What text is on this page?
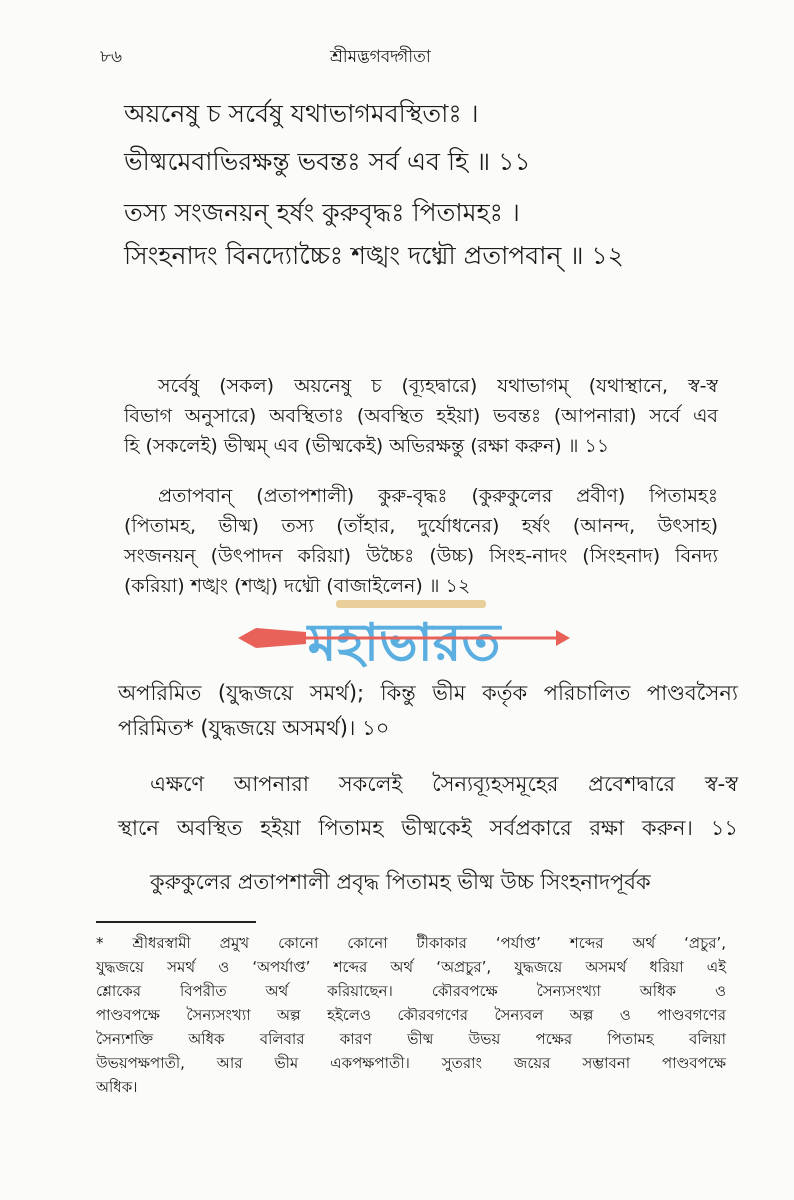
৮৬	শ্রীমদ্ভগবদ্গীতা
অয়নেষু চ সর্বেষু যথাভাগমবস্থিতাঃ ।
ভীষ্মমেবাভিরক্ষন্তু ভবন্তঃ সর্ব এব হি ॥ ১১
তস্য সংজনয়ন্ হর্ষং কুরুবৃদ্ধঃ পিতামহঃ ।
সিংহনাদং বিনদ্যোচ্চৈঃ শঙ্খং দধ্মৌ প্রতাপবান্ ॥ ১২
সর্বেষু (সকল) অয়নেষু চ (ব্যূহদ্বারে) যথাভাগম্ (যথাস্থানে, স্ব-স্ব
বিভাগ অনুসারে) অবস্থিতাঃ (অবস্থিত হইয়া) ভবন্তঃ (আপনারা) সর্বে এব
হি (সকলেই) ভীষ্মম্ এব (ভীষ্মকেই) অভিরক্ষন্তু (রক্ষা করুন) ॥ ১১
প্রতাপবান্ (প্রতাপশালী) কুরু-বৃদ্ধঃ (কুরুকুলের প্রবীণ) পিতামহঃ
(পিতামহ, ভীষ্ম) তস্য (তাঁহার, দুর্যোধনের) হর্ষং (আনন্দ, উৎসাহ)
সংজনয়ন্ (উৎপাদন করিয়া) উচ্চৈঃ (উচ্চ) সিংহ-নাদং (সিংহনাদ) বিনদ্য
(করিয়া) শঙ্খং (শঙ্খ) দধ্মৌ (বাজাইলেন) ॥ ১২
মহাভারত
অপরিমিত (যুদ্ধজয়ে সমর্থ); কিন্তু ভীম কর্তৃক পরিচালিত পাণ্ডবসৈন্য
পরিমিত* (যুদ্ধজয়ে অসমর্থ)। ১০
এক্ষণে আপনারা সকলেই সৈন্যব্যূহসমূহের প্রবেশদ্বারে স্ব-স্ব
স্থানে অবস্থিত হইয়া পিতামহ ভীষ্মকেই সর্বপ্রকারে রক্ষা করুন। ১১
কুরুকুলের প্রতাপশালী প্রবৃদ্ধ পিতামহ ভীষ্ম উচ্চ সিংহনাদপূর্বক
* শ্রীধরস্বামী প্রমুখ কোনো কোনো টীকাকার ‘পর্যাপ্ত’ শব্দের অর্থ ‘প্রচুর’,
যুদ্ধজয়ে সমর্থ ও ‘অপর্যাপ্ত’ শব্দের অর্থ ‘অপ্রচুর’, যুদ্ধজয়ে অসমর্থ ধরিয়া এই
শ্লোকের বিপরীত অর্থ করিয়াছেন। কৌরবপক্ষে সৈন্যসংখ্যা অধিক ও
পাণ্ডবপক্ষে সৈন্যসংখ্যা অল্প হইলেও কৌরবগণের সৈন্যবল অল্প ও পাণ্ডবগণের
সৈন্যশক্তি অধিক বলিবার কারণ ভীষ্ম উভয় পক্ষের পিতামহ বলিয়া
উভয়পক্ষপাতী, আর ভীম একপক্ষপাতী। সুতরাং জয়ের সম্ভাবনা পাণ্ডবপক্ষে
অধিক।
